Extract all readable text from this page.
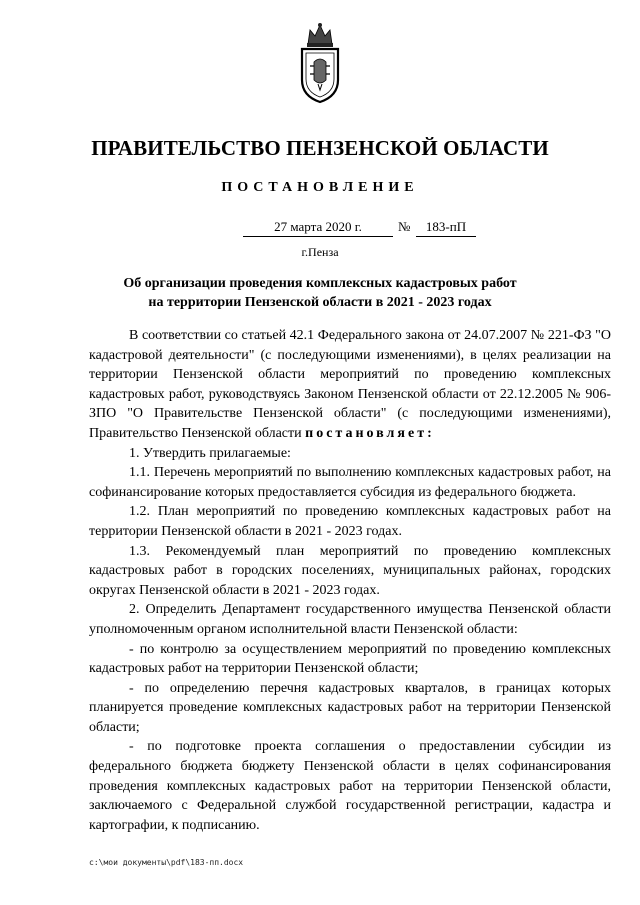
ПРАВИТЕЛЬСТВО ПЕНЗЕНСКОЙ ОБЛАСТИ
ПОСТАНОВЛЕНИЕ
27 марта 2020 г.	№	183-пП
г.Пенза
Об организации проведения комплексных кадастровых работ
на территории Пензенской области в 2021 - 2023 годах

В соответствии со статьей 42.1 Федерального закона от 24.07.2007 № 221-ФЗ "О кадастровой деятельности" (с последующими изменениями), в целях реализации на территории Пензенской области мероприятий по проведению комплексных кадастровых работ, руководствуясь Законом Пензенской области от 22.12.2005 № 906-ЗПО "О Правительстве Пензенской области" (с последующими изменениями), Правительство Пензенской области постановляет:

1. Утвердить прилагаемые:

1.1. Перечень мероприятий по выполнению комплексных кадастровых работ, на софинансирование которых предоставляется субсидия из федерального бюджета.

1.2. План мероприятий по проведению комплексных кадастровых работ на территории Пензенской области в 2021 - 2023 годах.

1.3. Рекомендуемый план мероприятий по проведению комплексных кадастровых работ в городских поселениях, муниципальных районах, городских округах Пензенской области в 2021 - 2023 годах.

2. Определить Департамент государственного имущества Пензенской области уполномоченным органом исполнительной власти Пензенской области:

- по контролю за осуществлением мероприятий по проведению комплексных кадастровых работ на территории Пензенской области;

- по определению перечня кадастровых кварталов, в границах которых планируется проведение комплексных кадастровых работ на территории Пензенской области;

- по подготовке проекта соглашения о предоставлении субсидии из федерального бюджета бюджету Пензенской области в целях софинансирования проведения комплексных кадастровых работ на территории Пензенской области, заключаемого с Федеральной службой государственной регистрации, кадастра и картографии, к подписанию.

c:\мои документы\pdf\183-пп.docx
